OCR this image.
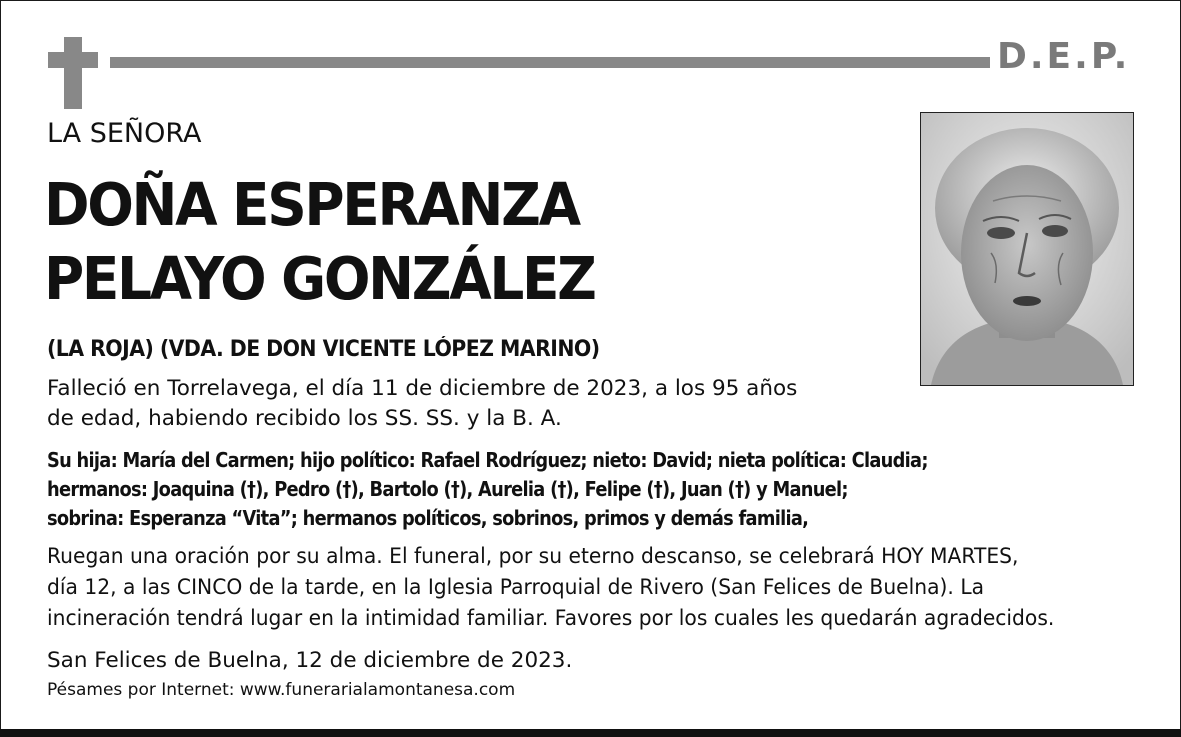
D.E.P.
LA SEÑORA
DOÑA ESPERANZA
PELAYO GONZÁLEZ
(LA ROJA) (VDA. DE DON VICENTE LÓPEZ MARINO)
Falleció en Torrelavega, el día 11 de diciembre de 2023, a los 95 años
de edad, habiendo recibido los SS. SS. y la B. A.
Su hija: María del Carmen; hijo político: Rafael Rodríguez; nieto: David; nieta política: Claudia;
hermanos: Joaquina (†), Pedro (†), Bartolo (†), Aurelia (†), Felipe (†), Juan (†) y Manuel;
sobrina: Esperanza “Vita”; hermanos políticos, sobrinos, primos y demás familia,
Ruegan una oración por su alma. El funeral, por su eterno descanso, se celebrará HOY MARTES,
día 12, a las CINCO de la tarde, en la Iglesia Parroquial de Rivero (San Felices de Buelna). La
incineración tendrá lugar en la intimidad familiar. Favores por los cuales les quedarán agradecidos.
San Felices de Buelna, 12 de diciembre de 2023.
Pésames por Internet: www.funerarialamontanesa.com
